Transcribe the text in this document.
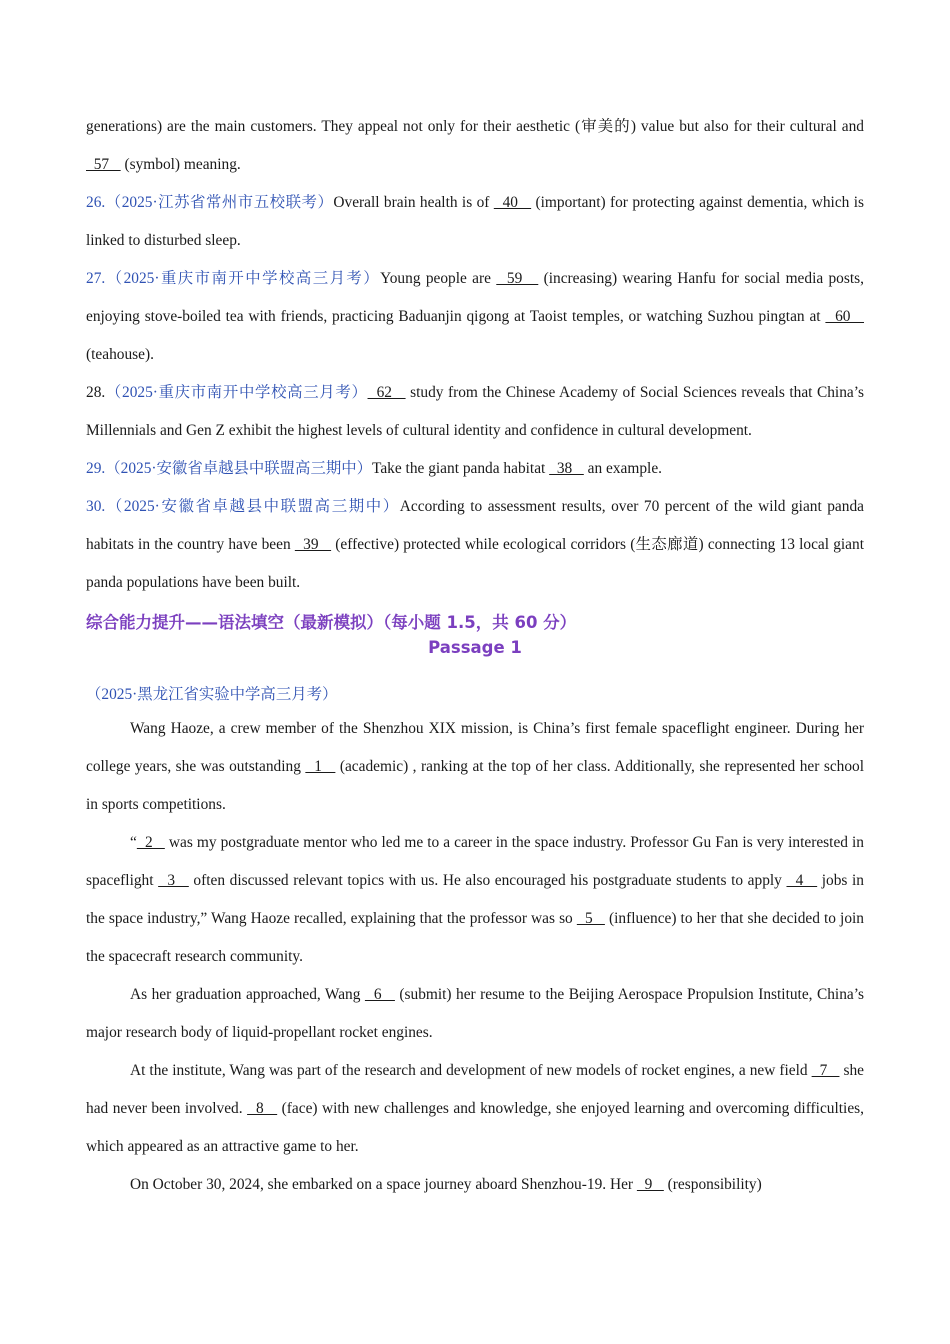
generations) are the main customers. They appeal not only for their aesthetic (审美的) value but also for their cultural and   57    (symbol) meaning.

26.（2025·江苏省常州市五校联考）Overall brain health is of   40    (important) for protecting against dementia, which is linked to disturbed sleep.

27.（2025·重庆市南开中学校高三月考）Young people are   59    (increasing) wearing Hanfu for social media posts, enjoying stove-boiled tea with friends, practicing Baduanjin qigong at Taoist temples, or watching Suzhou pingtan at   60    (teahouse).

28.（2025·重庆市南开中学校高三月考）  62    study from the Chinese Academy of Social Sciences reveals that China’s Millennials and Gen Z exhibit the highest levels of cultural identity and confidence in cultural development.

29.（2025·安徽省卓越县中联盟高三期中）Take the giant panda habitat   38    an example.

30.（2025·安徽省卓越县中联盟高三期中）According to assessment results, over 70 percent of the wild giant panda habitats in the country have been   39    (effective) protected while ecological corridors (生态廊道) connecting 13 local giant panda populations have been built.

综合能力提升——语法填空（最新模拟）（每小题 1.5，共 60 分）
Passage 1
（2025·黑龙江省实验中学高三月考）

Wang Haoze, a crew member of the Shenzhou XIX mission, is China’s first female spaceflight engineer. During her college years, she was outstanding   1    (academic) , ranking at the top of her class. Additionally, she represented her school in sports competitions.

“  2    was my postgraduate mentor who led me to a career in the space industry. Professor Gu Fan is very interested in spaceflight   3    often discussed relevant topics with us. He also encouraged his postgraduate students to apply   4    jobs in the space industry,” Wang Haoze recalled, explaining that the professor was so   5    (influence) to her that she decided to join the spacecraft research community.

As her graduation approached, Wang   6    (submit) her resume to the Beijing Aerospace Propulsion Institute, China’s major research body of liquid-propellant rocket engines.

At the institute, Wang was part of the research and development of new models of rocket engines, a new field   7    she had never been involved.   8    (face) with new challenges and knowledge, she enjoyed learning and overcoming difficulties, which appeared as an attractive game to her.

On October 30, 2024, she embarked on a space journey aboard Shenzhou-19. Her   9    (responsibility)
